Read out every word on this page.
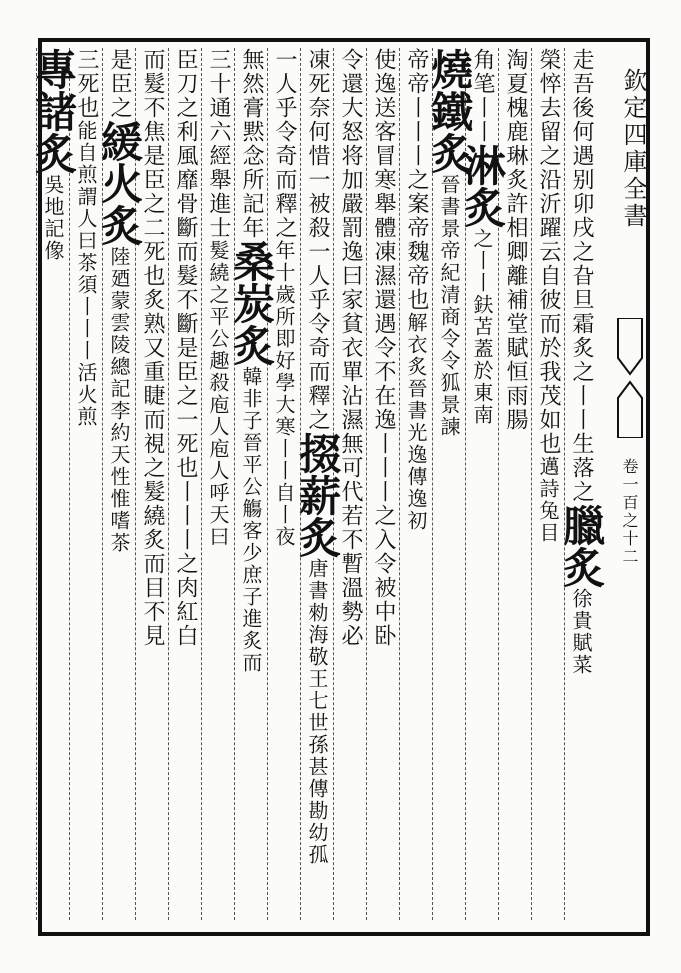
欽定四庫全書
卷一百之十二
走吾後何遇别卯戌之旮旦霜炙之丨丨生落之臘炙徐貴賦菜
榮悴去留之沿沂躍云自彼而於我茂如也邁詩兔目
淘夏槐鹿琳炙許相卿離補堂賦恒雨腸
角笔丨丨淋炙之丨丨鈇苫蓋於東南
燒鐵炙晉書景帝紀清商令令狐景諫
帝帝丨丨丨之案帝魏帝也解衣炙晉書光逸傳逸初
使逸送客冒寒舉體凍濕還遇令不在逸丨丨丨之入令被中卧
令還大怒将加嚴罰逸曰家貧衣單沾濕無可代若不暫溫勢必
凍死奈何惜一被殺一人乎令奇而釋之掇薪炙唐書勑海敬王七世孫甚傳勘幼孤
一人乎令奇而釋之年十歲所即好學大寒丨丨自丨夜
無然膏黙念所記年桑炭炙韓非子晉平公觴客少庶子進炙而
三十通六經舉進士髮繞之平公趣殺庖人庖人呼天曰
臣刀之利風靡骨斷而髮不斷是臣之一死也丨丨丨之肉紅白
而髮不焦是臣之二死也炙熟又重睫而視之髮繞炙而目不見
是臣之緩火炙陸廼蒙雲陵總記李約天性惟嗜茶
三死也能自煎謂人曰茶須丨丨丨活火煎
專諸炙吳地記像
